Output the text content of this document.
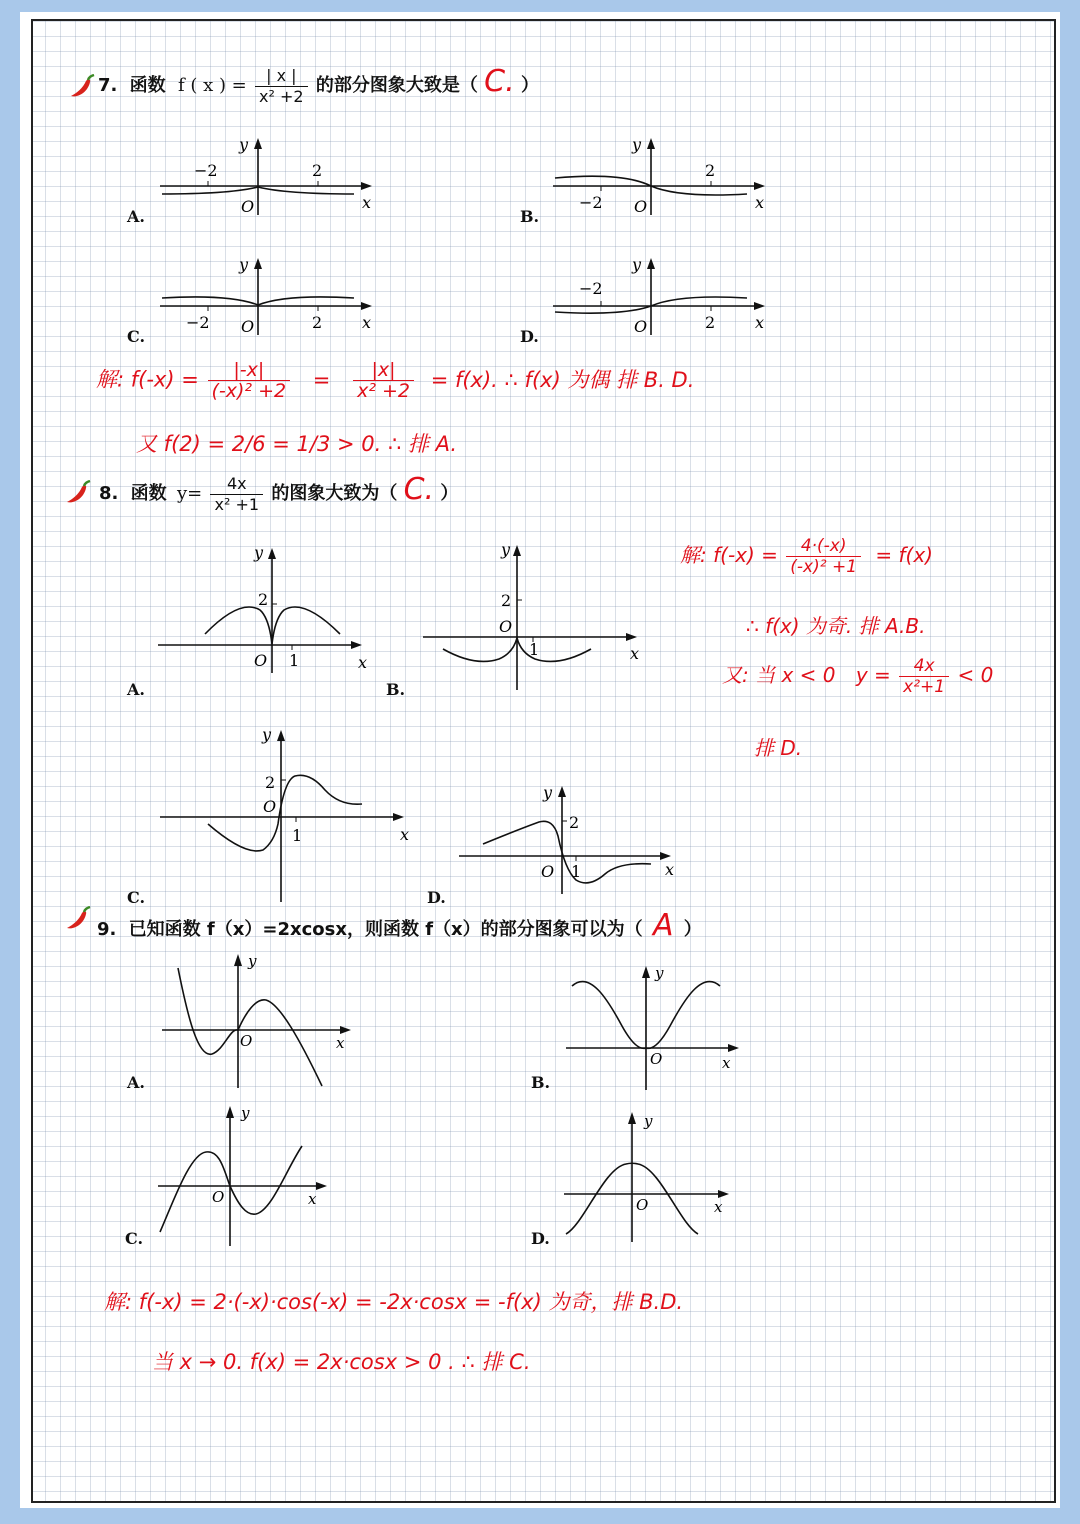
7. 函数 f ( x ) = $\frac{| x |}{\text{x² +2}}$ 的部分图象大致是（ C. ）
−2	2
O	x
y
A.
−2
2
O	x
y
B.
−2	2
O	x
y
C.
−2
2
O	x
y
D.
解: $f(-x) = \frac{|-x|}{\text{(-x)² +2}} = \frac{|x|}{\text{x² +2}} = f(x)$. ∴ f(x) 为偶 排 B. D.
又 f(2) = 2/6 = 1/3 > 0. ∴ 排 A.
8. 函数 $y= \frac{4x}{\text{x² +1}}$ 的图象大致为（ C. ）
2
1
O	x
y
A.
2
1
O
x
y
B.
2
1
O
x
y
C.
2
1
O	x
y
D.
解: $f(-x) = \frac{4\cdot(-x)}{\text{(-x)² +1}} = f(x)$
∴ f(x) 为奇. 排 A.B.
又: 当 x < 0 $y = \frac{4x}{\text{x²+1}} < 0$
排 D.
9. 已知函数 f（x）=2xcosx，则函数 f（x）的部分图象可以为（ A ）
O	x
y
A.
O	x
y
B.
O	x
y
C.
O	x
y
D.
解: f(-x) = 2·(-x)·cos(-x) = -2x·cosx = -f(x) 为奇，排 B.D.
当 x → 0. f(x) = 2x·cosx > 0 . ∴ 排 C.
